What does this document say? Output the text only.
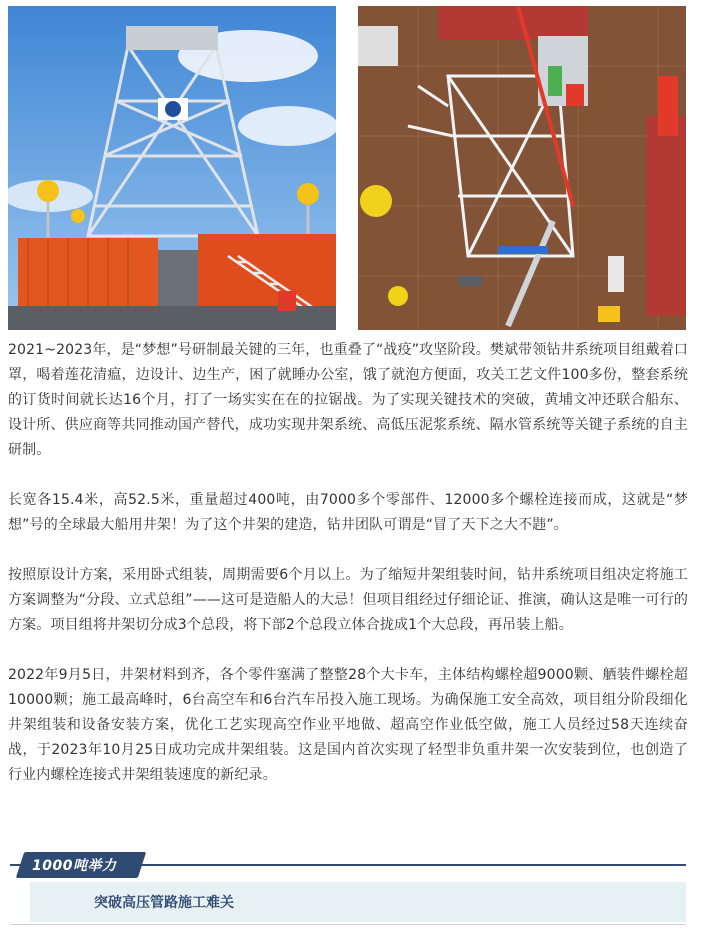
2021~2023年，是“梦想”号研制最关键的三年，也重叠了“战疫”攻坚阶段。樊斌带领钻井系统项目组戴着口罩，喝着莲花清瘟，边设计、边生产，困了就睡办公室，饿了就泡方便面，攻关工艺文件100多份，整套系统的订货时间就长达16个月，打了一场实实在在的拉锯战。为了实现关键技术的突破，黄埔文冲还联合船东、设计所、供应商等共同推动国产替代，成功实现井架系统、高低压泥浆系统、隔水管系统等关键子系统的自主研制。

长宽各15.4米，高52.5米，重量超过400吨，由7000多个零部件、12000多个螺栓连接而成，这就是“梦想”号的全球最大船用井架！为了这个井架的建造，钻井团队可谓是“冒了天下之大不韪”。

按照原设计方案，采用卧式组装，周期需要6个月以上。为了缩短井架组装时间，钻井系统项目组决定将施工方案调整为“分段、立式总组”——这可是造船人的大忌！但项目组经过仔细论证、推演，确认这是唯一可行的方案。项目组将井架切分成3个总段，将下部2个总段立体合拢成1个大总段，再吊装上船。

2022年9月5日，井架材料到齐，各个零件塞满了整整28个大卡车，主体结构螺栓超9000颗、舾装件螺栓超10000颗；施工最高峰时，6台高空车和6台汽车吊投入施工现场。为确保施工安全高效，项目组分阶段细化井架组装和设备安装方案，优化工艺实现高空作业平地做、超高空作业低空做，施工人员经过58天连续奋战，于2023年10月25日成功完成井架组装。这是国内首次实现了轻型非负重井架一次安装到位，也创造了行业内螺栓连接式井架组装速度的新纪录。

1000吨举力
突破高压管路施工难关
